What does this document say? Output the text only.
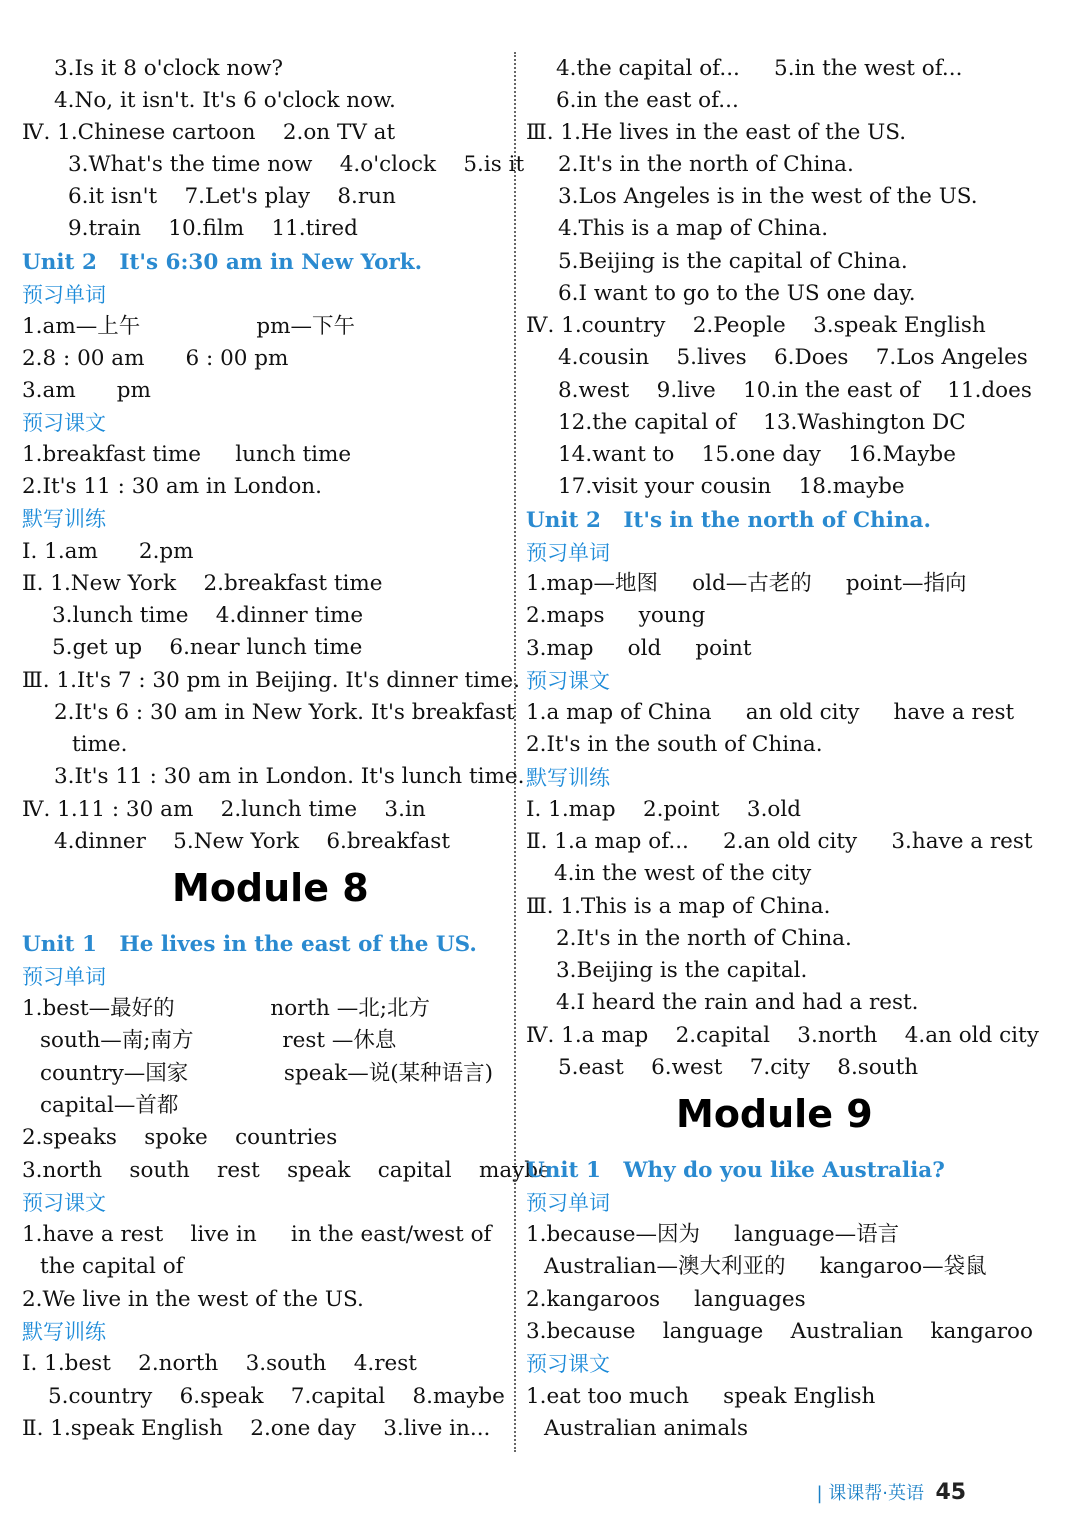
3.Is it 8 o'clock now?
4.No, it isn't. It's 6 o'clock now.
Ⅳ. 1.Chinese cartoon    2.on TV at
3.What's the time now    4.o'clock    5.is it
6.it isn't    7.Let's play    8.run
9.train    10.film    11.tired
Unit 2   It's 6:30 am in New York.
预习单词
1.am—上午                 pm—下午
2.8 : 00 am      6 : 00 pm
3.am      pm
预习课文
1.breakfast time     lunch time
2.It's 11 : 30 am in London.
默写训练
Ⅰ. 1.am      2.pm
Ⅱ. 1.New York    2.breakfast time
3.lunch time    4.dinner time
5.get up    6.near lunch time
Ⅲ. 1.It's 7 : 30 pm in Beijing. It's dinner time.
2.It's 6 : 30 am in New York. It's breakfast
time.
3.It's 11 : 30 am in London. It's lunch time.
Ⅳ. 1.11 : 30 am    2.lunch time    3.in
4.dinner    5.New York    6.breakfast
Module 8
Unit 1   He lives in the east of the US.
预习单词
1.best—最好的              north —北;北方
south—南;南方             rest —休息
country—国家              speak—说(某种语言)
capital—首都
2.speaks    spoke    countries
3.north    south    rest    speak    capital    maybe
预习课文
1.have a rest    live in     in the east/west of
the capital of
2.We live in the west of the US.
默写训练
Ⅰ. 1.best    2.north    3.south    4.rest
5.country    6.speak    7.capital    8.maybe
Ⅱ. 1.speak English    2.one day    3.live in...
4.the capital of...     5.in the west of...
6.in the east of...
Ⅲ. 1.He lives in the east of the US.
2.It's in the north of China.
3.Los Angeles is in the west of the US.
4.This is a map of China.
5.Beijing is the capital of China.
6.I want to go to the US one day.
Ⅳ. 1.country    2.People    3.speak English
4.cousin    5.lives    6.Does    7.Los Angeles
8.west    9.live    10.in the east of    11.does
12.the capital of    13.Washington DC
14.want to    15.one day    16.Maybe
17.visit your cousin    18.maybe
Unit 2   It's in the north of China.
预习单词
1.map—地图     old—古老的     point—指向
2.maps     young
3.map     old     point
预习课文
1.a map of China     an old city     have a rest
2.It's in the south of China.
默写训练
Ⅰ. 1.map    2.point    3.old
Ⅱ. 1.a map of...     2.an old city     3.have a rest
4.in the west of the city
Ⅲ. 1.This is a map of China.
2.It's in the north of China.
3.Beijing is the capital.
4.I heard the rain and had a rest.
Ⅳ. 1.a map    2.capital    3.north    4.an old city
5.east    6.west    7.city    8.south
Module 9
Unit 1   Why do you like Australia?
预习单词
1.because—因为     language—语言
Australian—澳大利亚的     kangaroo—袋鼠
2.kangaroos     languages
3.because    language    Australian    kangaroo
预习课文
1.eat too much     speak English
Australian animals

| 课课帮·英语 45
